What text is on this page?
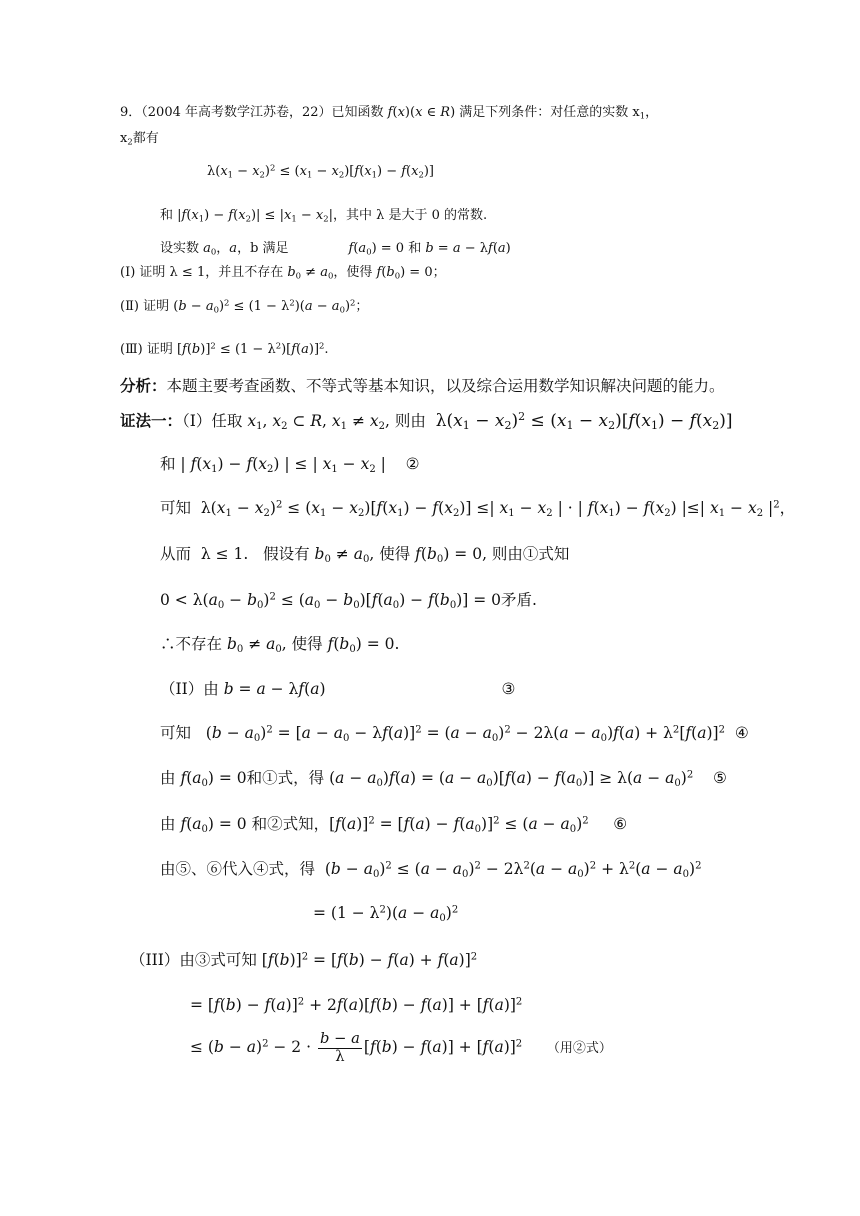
9．（2004 年高考数学江苏卷，22）已知函数 f(x)(x ∈ R) 满足下列条件：对任意的实数 $x_1$，
$x_2$都有
$\lambda(x_1 - x_2)^2 \le (x_1 - x_2)[f(x_1) - f(x_2)]$
和 $|f(x_1) - f(x_2)| \le |x_1 - x_2|$，其中 λ 是大于 0 的常数.
设实数 $a_0$，a，b 满足	$f(a_0) = 0$ 和 b = a − λf(a)
(Ⅰ) 证明 λ ≤ 1，并且不存在 $b_0 \ne a_0$，使得 $f(b_0) = 0$；
(Ⅱ) 证明 $(b - a_0)^2 \le (1 - \lambda^2)(a - a_0)^2$；
(Ⅲ) 证明 $[f(b)]^2 \le (1 - \lambda^2)[f(a)]^2$.
分析：本题主要考查函数、不等式等基本知识，以及综合运用数学知识解决问题的能力。
证法一：（I）任取 $x_1$, $x_2$ ⊂ R, $x_1 \ne x_2$, 则由  $\lambda(x_1 - x_2)^2 \le (x_1 - x_2)[f(x_1) - f(x_2)]$
和 | $f(x_1) - f(x_2)$ | ≤ | $x_1 - x_2$ |    ②
可知  $\lambda(x_1 - x_2)^2 \le (x_1 - x_2)[f(x_1) - f(x_2)]$ ≤| $x_1 - x_2$ | · | $f(x_1) - f(x_2)$ |≤| $x_1 - x_2$ $|^2$，
从而  λ ≤ 1.   假设有 $b_0 \ne a_0$, 使得 $f(b_0) = 0$, 则由①式知
$0 < \lambda(a_0 - b_0)^2 \le (a_0 - b_0)[f(a_0) - f(b_0)] = 0$矛盾.
∴不存在 $b_0 \ne a_0$, 使得 $f(b_0) = 0$.
（II）由 b = a − λf(a)	③
可知   $(b - a_0)^2 = [a - a_0 - \lambda f(a)]^2 = (a - a_0)^2 - 2\lambda(a - a_0)f(a) + \lambda^2[f(a)]^2$  ④
由 $f(a_0) = 0$和①式，得 $(a - a_0)f(a) = (a - a_0)[f(a) - f(a_0)] \ge \lambda(a - a_0)^2$    ⑤
由 $f(a_0) = 0$ 和②式知，$[f(a)]^2 = [f(a) - f(a_0)]^2 \le (a - a_0)^2$     ⑥
由⑤、⑥代入④式，得  $(b - a_0)^2 \le (a - a_0)^2 - 2\lambda^2(a - a_0)^2 + \lambda^2(a - a_0)^2$
= $(1 - \lambda^2)(a - a_0)^2$
（III）由③式可知 $[f(b)]^2 = [f(b) - f(a) + f(a)]^2$
= $[f(b) - f(a)]^2 + 2f(a)[f(b) - f(a)] + [f(a)]^2$
≤ $(b - a)^2 - 2 \cdot \frac{b - a}{\lambda} [f(b) - f(a)] + [f(a)]^2$ （用②式）
